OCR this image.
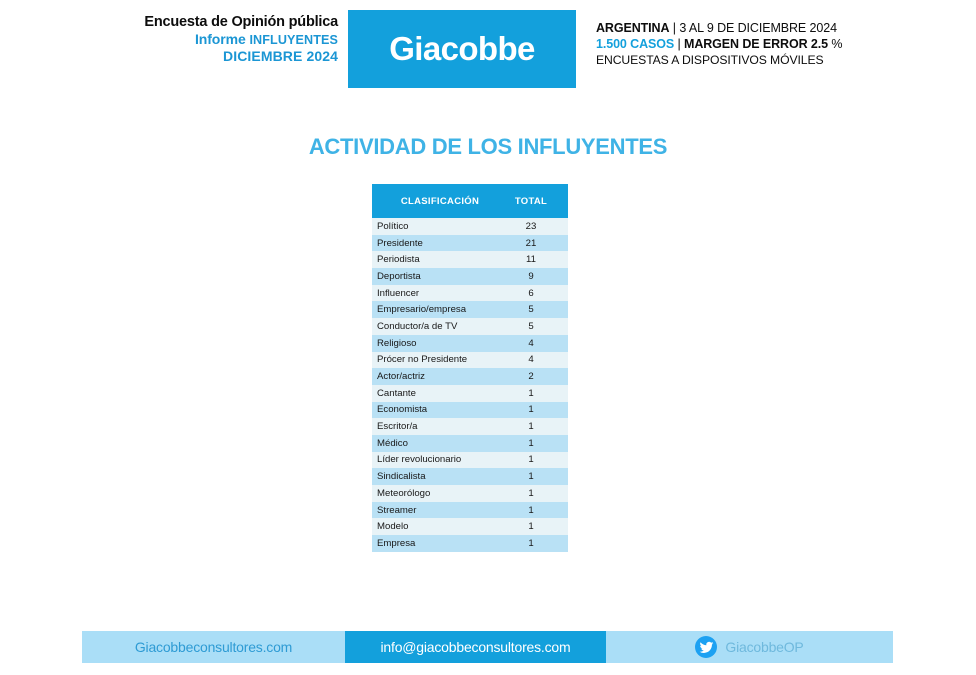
Encuesta de Opinión pública
Informe INFLUYENTES
DICIEMBRE 2024 Giacobbe
ARGENTINA | 3 AL 9 DE DICIEMBRE 2024
1.500 CASOS | MARGEN DE ERROR 2.5 %
ENCUESTAS A DISPOSITIVOS MÓVILES
ACTIVIDAD DE LOS INFLUYENTES
CLASIFICACIÓN	TOTAL
Político	23
Presidente	21
Periodista	11
Deportista	9
Influencer	6
Empresario/empresa	5
Conductor/a de TV	5
Religioso	4
Prócer no Presidente	4
Actor/actriz	2
Cantante	1
Economista	1
Escritor/a	1
Médico	1
Líder revolucionario	1
Sindicalista	1
Meteorólogo	1
Streamer	1
Modelo	1
Empresa	1
Giacobbeconsultores.com	info@giacobbeconsultores.com	GiacobbeOP
